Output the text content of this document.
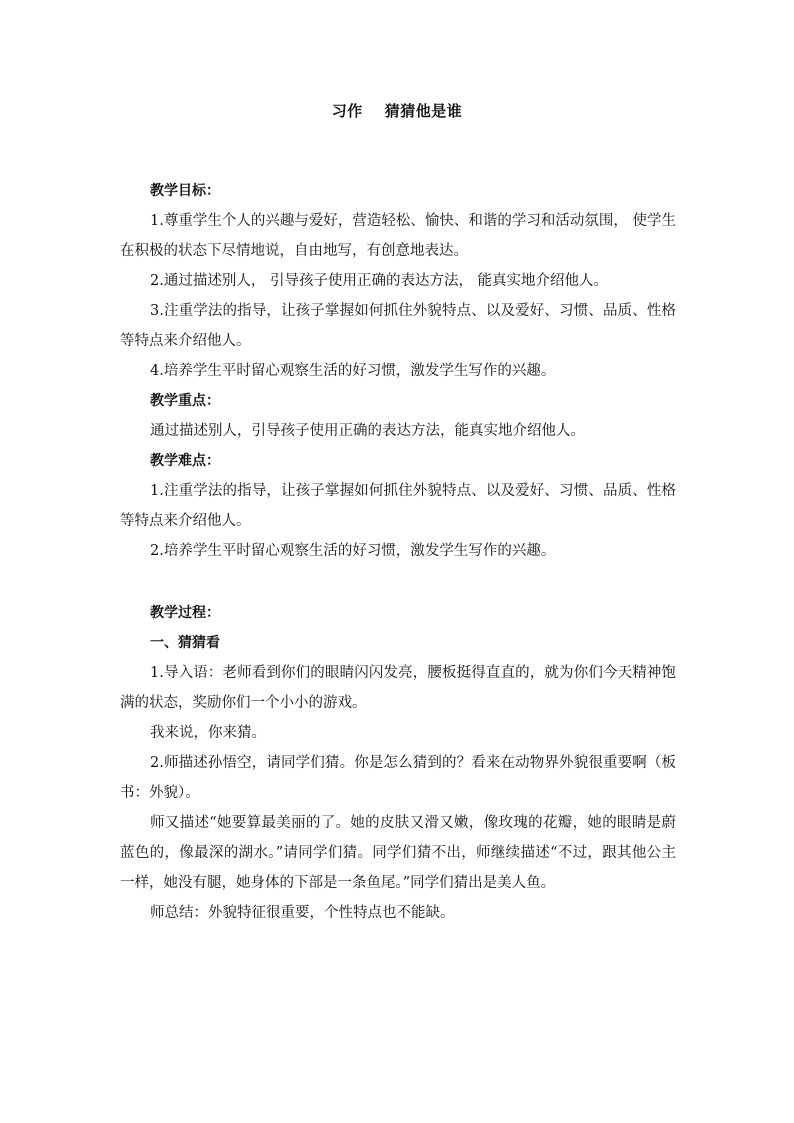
习作 猜猜他是谁

教学目标：

1.尊重学生个人的兴趣与爱好，营造轻松、愉快、和谐的学习和活动氛围， 使学生在积极的状态下尽情地说，自由地写，有创意地表达。

2.通过描述别人， 引导孩子使用正确的表达方法， 能真实地介绍他人。

3.注重学法的指导，让孩子掌握如何抓住外貌特点、以及爱好、习惯、品质、性格等特点来介绍他人。

4.培养学生平时留心观察生活的好习惯，激发学生写作的兴趣。

教学重点：

通过描述别人，引导孩子使用正确的表达方法，能真实地介绍他人。

教学难点：

1.注重学法的指导，让孩子掌握如何抓住外貌特点、以及爱好、习惯、品质、性格等特点来介绍他人。

2.培养学生平时留心观察生活的好习惯，激发学生写作的兴趣。

教学过程：

一、猜猜看

1.导入语：老师看到你们的眼睛闪闪发亮，腰板挺得直直的，就为你们今天精神饱满的状态，奖励你们一个小小的游戏。

我来说，你来猜。

2.师描述孙悟空，请同学们猜。你是怎么猜到的？看来在动物界外貌很重要啊（板书：外貌）。

师又描述“她要算最美丽的了。她的皮肤又滑又嫩，像玫瑰的花瓣，她的眼睛是蔚蓝色的，像最深的湖水。”请同学们猜。同学们猜不出，师继续描述“不过，跟其他公主一样，她没有腿，她身体的下部是一条鱼尾。”同学们猜出是美人鱼。

师总结：外貌特征很重要，个性特点也不能缺。
